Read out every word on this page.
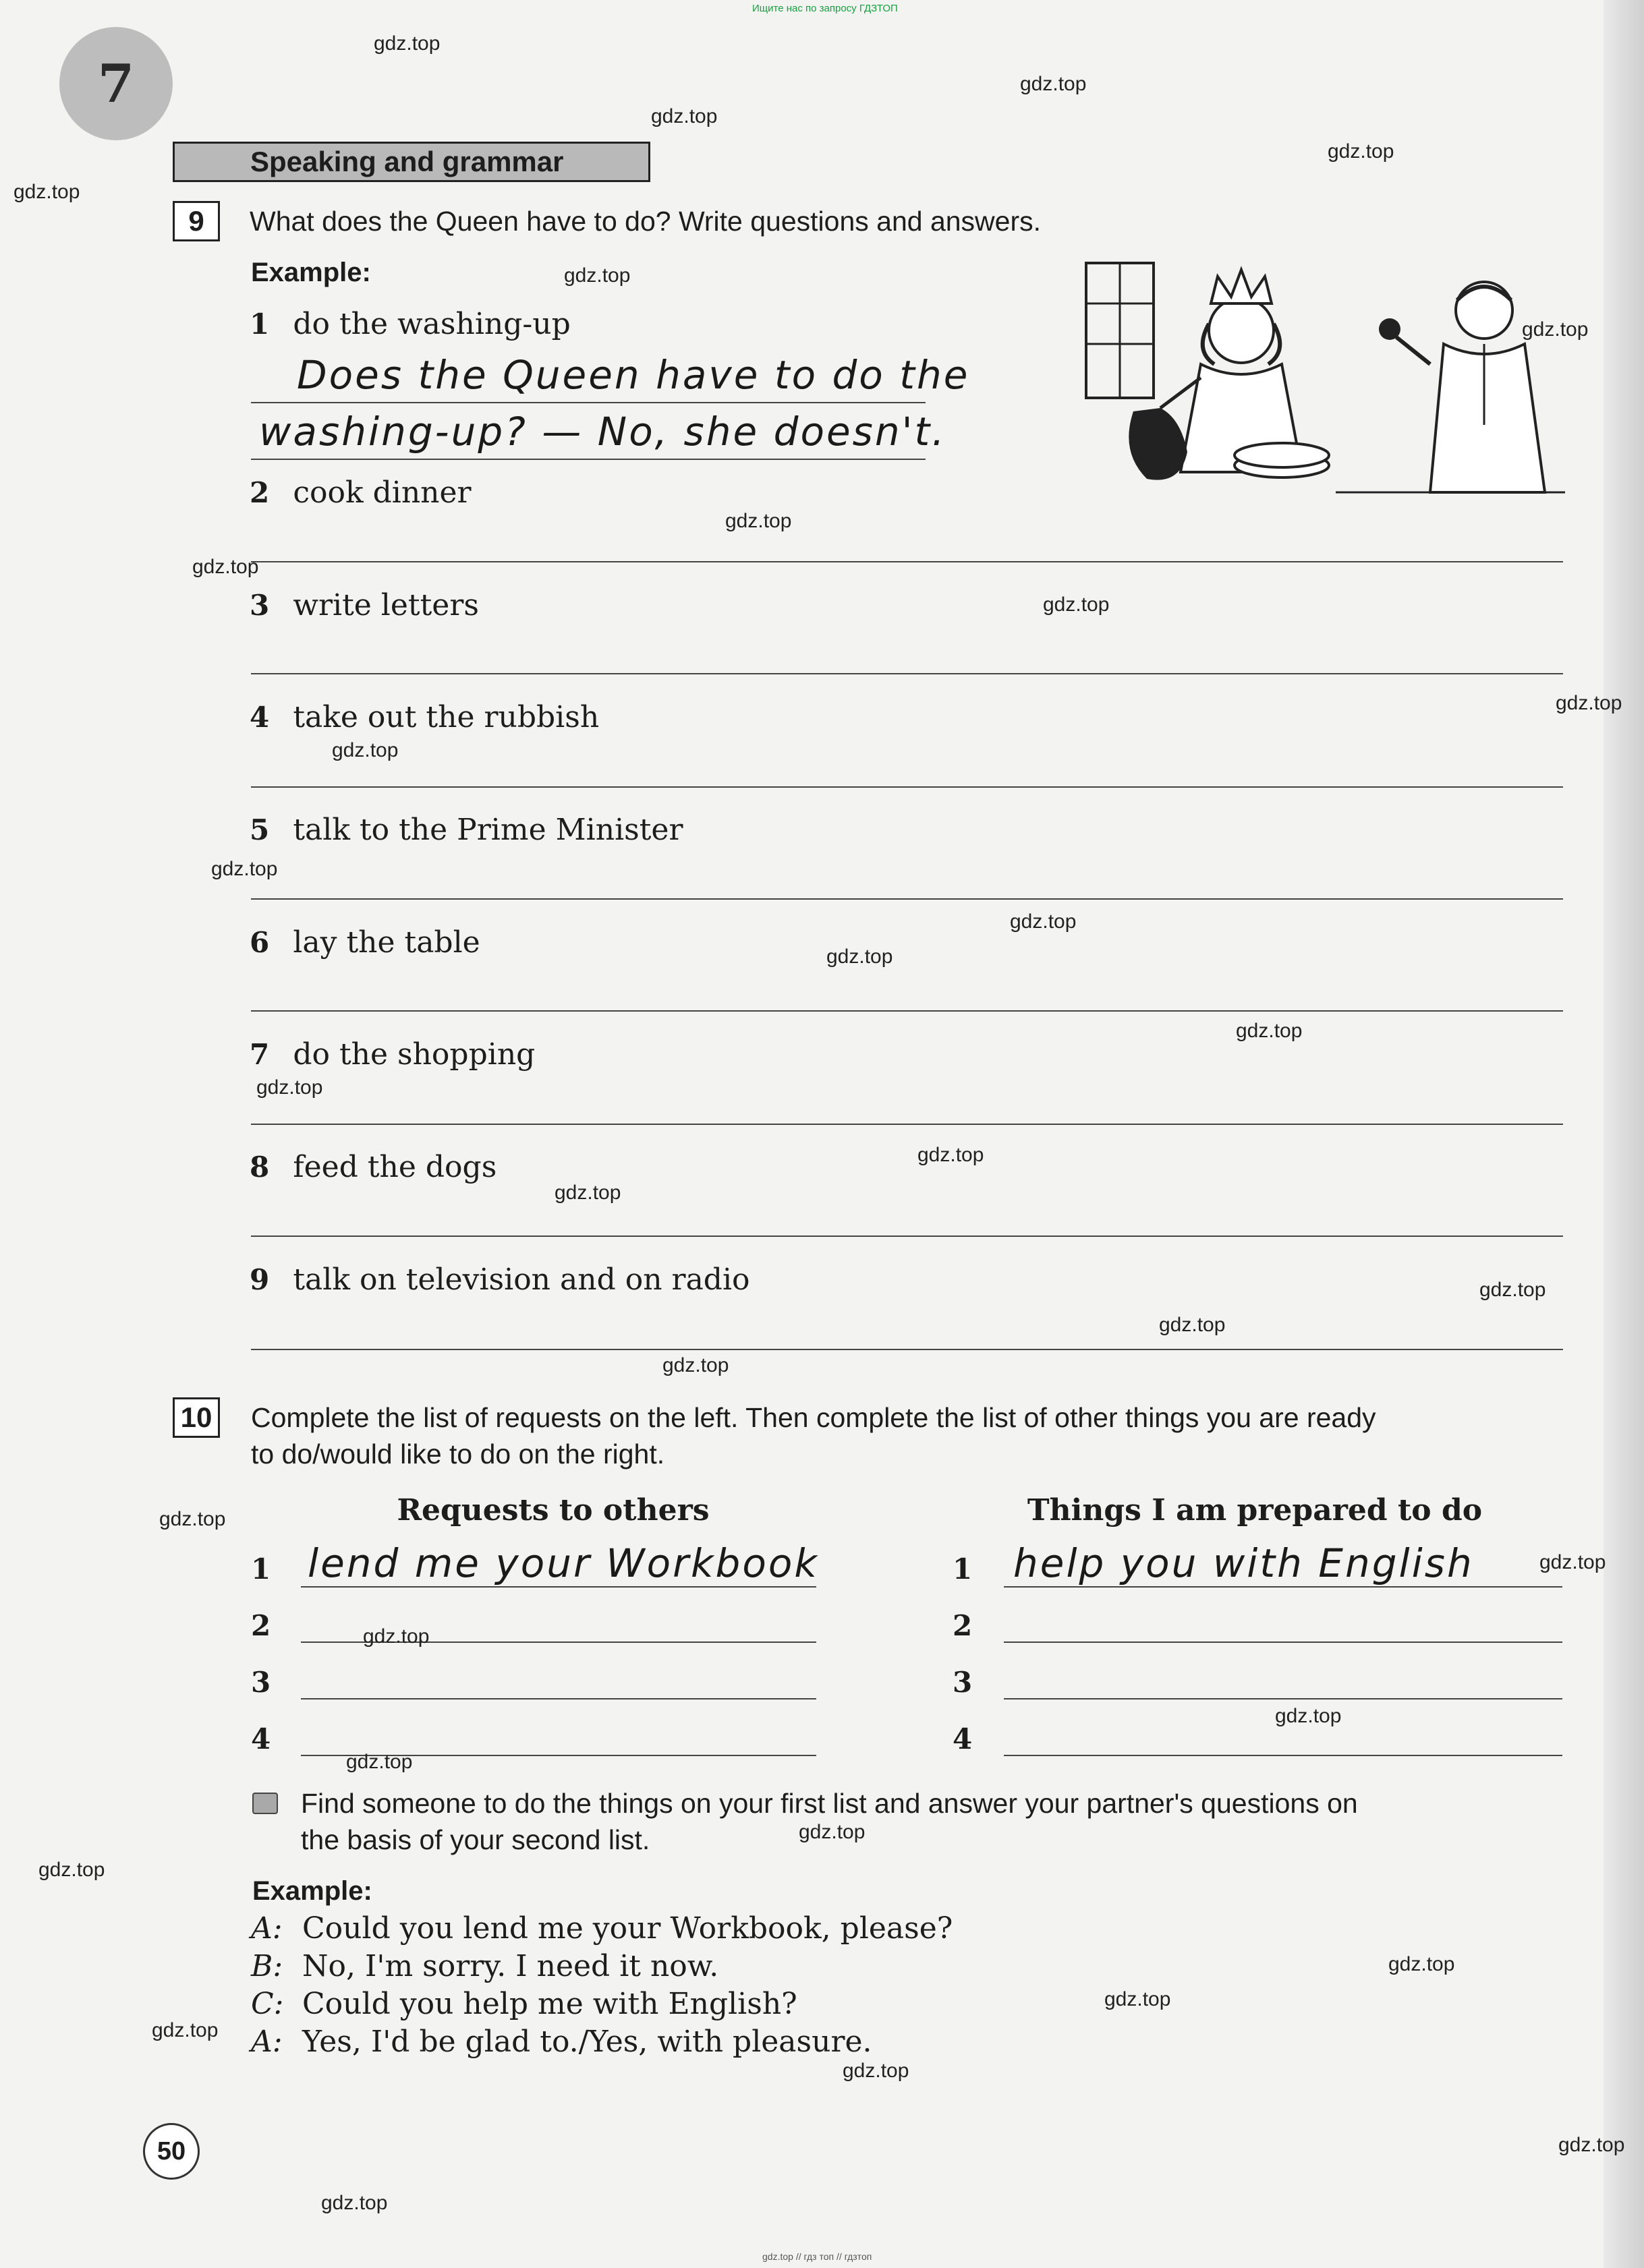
Ищите нас по запросу ГДЗТОП
7
Speaking and grammar
9	What does the Queen have to do? Write questions and answers.
Example:
1 do the washing-up
Does the Queen have to do the
washing-up? — No, she doesn't.
2 cook dinner
3 write letters
4 take out the rubbish
5 talk to the Prime Minister
6 lay the table
7 do the shopping
8 feed the dogs
9 talk on television and on radio
10 Complete the list of requests on the left. Then complete the list of other things you are ready
to do/would like to do on the right.
Requests to others	Things I am prepared to do
1 lend me your Workbook	1 help you with English
2	2
3	3
4	4
Find someone to do the things on your first list and answer your partner's questions on
the basis of your second list.
Example:
A: Could you lend me your Workbook, please?
B: No, I'm sorry. I need it now.
C: Could you help me with English?
A: Yes, I'd be glad to./Yes, with pleasure.
50
gdz.top
gdz.top
gdz.top
gdz.top
gdz.top
gdz.top
gdz.top
gdz.top
gdz.top
gdz.top
gdz.top
gdz.top
gdz.top
gdz.top
gdz.top
gdz.top
gdz.top
gdz.top
gdz.top
gdz.top
gdz.top
gdz.top
gdz.top
gdz.top
gdz.top
gdz.top
gdz.top
gdz.top
gdz.top
gdz.top
gdz.top
gdz.top
gdz.top
gdz.top
gdz.top
gdz.top // гдз топ // гдзтоп
